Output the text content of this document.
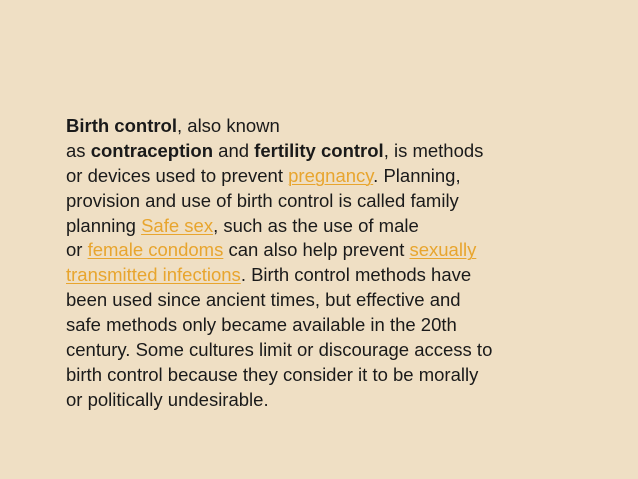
Birth control, also known
as contraception and fertility control, is methods
or devices used to prevent pregnancy. Planning,
provision and use of birth control is called family
planning Safe sex, such as the use of male
or female condoms can also help prevent sexually
transmitted infections. Birth control methods have
been used since ancient times, but effective and
safe methods only became available in the 20th
century. Some cultures limit or discourage access to
birth control because they consider it to be morally
or politically undesirable.
